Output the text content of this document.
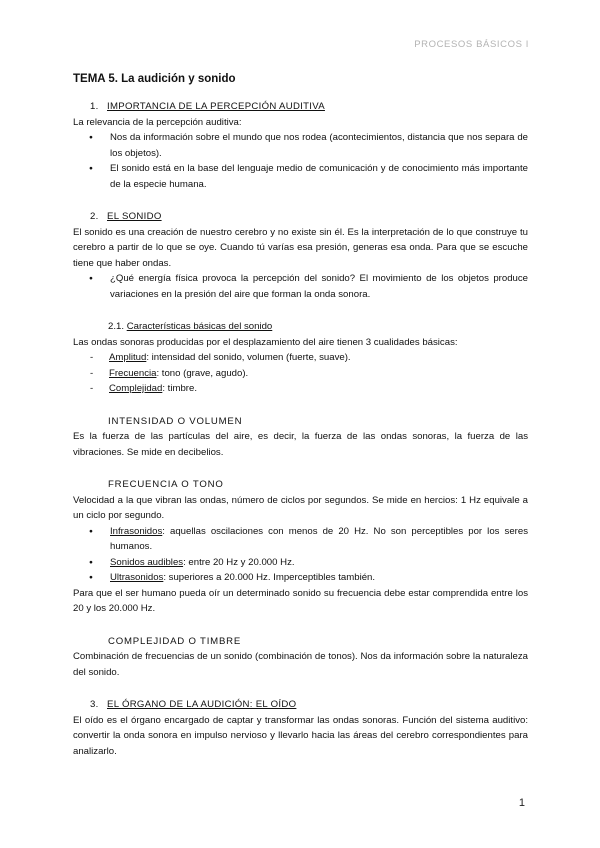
PROCESOS BÁSICOS I
TEMA 5. La audición y sonido
1. IMPORTANCIA DE LA PERCEPCIÓN AUDITIVA

La relevancia de la percepción auditiva:

● Nos da información sobre el mundo que nos rodea (acontecimientos, distancia que nos separa de los objetos).
● El sonido está en la base del lenguaje medio de comunicación y de conocimiento más importante de la especie humana.
2. EL SONIDO

El sonido es una creación de nuestro cerebro y no existe sin él. Es la interpretación de lo que construye tu cerebro a partir de lo que se oye. Cuando tú varías esa presión, generas esa onda. Para que se escuche tiene que haber ondas.

● ¿Qué energía física provoca la percepción del sonido? El movimiento de los objetos produce variaciones en la presión del aire que forman la onda sonora.
2.1. Características básicas del sonido

Las ondas sonoras producidas por el desplazamiento del aire tienen 3 cualidades básicas:

- Amplitud: intensidad del sonido, volumen (fuerte, suave).
- Frecuencia: tono (grave, agudo).
- Complejidad: timbre.
INTENSIDAD O VOLUMEN

Es la fuerza de las partículas del aire, es decir, la fuerza de las ondas sonoras, la fuerza de las vibraciones. Se mide en decibelios.

FRECUENCIA O TONO

Velocidad a la que vibran las ondas, número de ciclos por segundos. Se mide en hercios: 1 Hz equivale a un ciclo por segundo.

● Infrasonidos: aquellas oscilaciones con menos de 20 Hz. No son perceptibles por los seres humanos.
● Sonidos audibles: entre 20 Hz y 20.000 Hz.
● Ultrasonidos: superiores a 20.000 Hz. Imperceptibles también.

Para que el ser humano pueda oír un determinado sonido su frecuencia debe estar comprendida entre los 20 y los 20.000 Hz.

COMPLEJIDAD O TIMBRE

Combinación de frecuencias de un sonido (combinación de tonos). Nos da información sobre la naturaleza del sonido.

3. EL ÓRGANO DE LA AUDICIÓN: EL OÍDO

El oído es el órgano encargado de captar y transformar las ondas sonoras. Función del sistema auditivo: convertir la onda sonora en impulso nervioso y llevarlo hacia las áreas del cerebro correspondientes para analizarlo.

1
